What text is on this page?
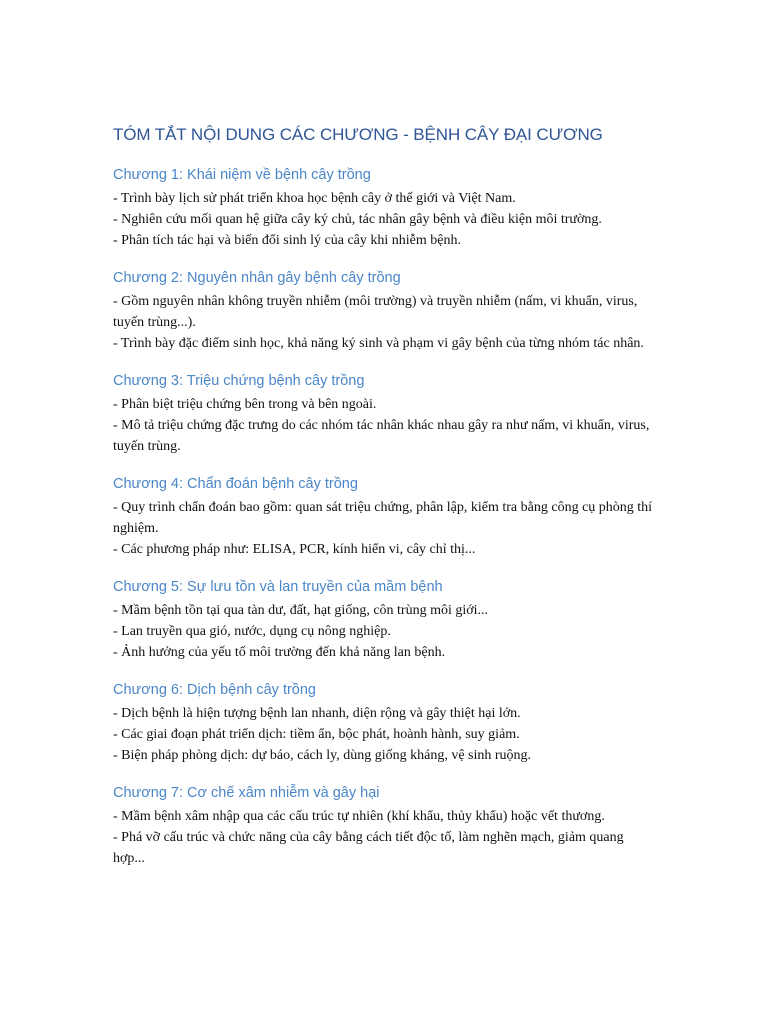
TÓM TẮT NỘI DUNG CÁC CHƯƠNG - BỆNH CÂY ĐẠI CƯƠNG
Chương 1: Khái niệm về bệnh cây trồng

- Trình bày lịch sử phát triển khoa học bệnh cây ở thế giới và Việt Nam.

- Nghiên cứu mối quan hệ giữa cây ký chủ, tác nhân gây bệnh và điều kiện môi trường.

- Phân tích tác hại và biến đổi sinh lý của cây khi nhiễm bệnh.

Chương 2: Nguyên nhân gây bệnh cây trồng

- Gồm nguyên nhân không truyền nhiễm (môi trường) và truyền nhiễm (nấm, vi khuẩn, virus, tuyến trùng...).

- Trình bày đặc điểm sinh học, khả năng ký sinh và phạm vi gây bệnh của từng nhóm tác nhân.

Chương 3: Triệu chứng bệnh cây trồng

- Phân biệt triệu chứng bên trong và bên ngoài.

- Mô tả triệu chứng đặc trưng do các nhóm tác nhân khác nhau gây ra như nấm, vi khuẩn, virus, tuyến trùng.

Chương 4: Chẩn đoán bệnh cây trồng

- Quy trình chẩn đoán bao gồm: quan sát triệu chứng, phân lập, kiểm tra bằng công cụ phòng thí nghiệm.

- Các phương pháp như: ELISA, PCR, kính hiển vi, cây chỉ thị...

Chương 5: Sự lưu tồn và lan truyền của mầm bệnh

- Mầm bệnh tồn tại qua tàn dư, đất, hạt giống, côn trùng môi giới...

- Lan truyền qua gió, nước, dụng cụ nông nghiệp.

- Ảnh hưởng của yếu tố môi trường đến khả năng lan bệnh.

Chương 6: Dịch bệnh cây trồng

- Dịch bệnh là hiện tượng bệnh lan nhanh, diện rộng và gây thiệt hại lớn.

- Các giai đoạn phát triển dịch: tiềm ẩn, bộc phát, hoành hành, suy giảm.

- Biện pháp phòng dịch: dự báo, cách ly, dùng giống kháng, vệ sinh ruộng.

Chương 7: Cơ chế xâm nhiễm và gây hại

- Mầm bệnh xâm nhập qua các cấu trúc tự nhiên (khí khẩu, thủy khẩu) hoặc vết thương.

- Phá vỡ cấu trúc và chức năng của cây bằng cách tiết độc tố, làm nghẽn mạch, giảm quang hợp...
